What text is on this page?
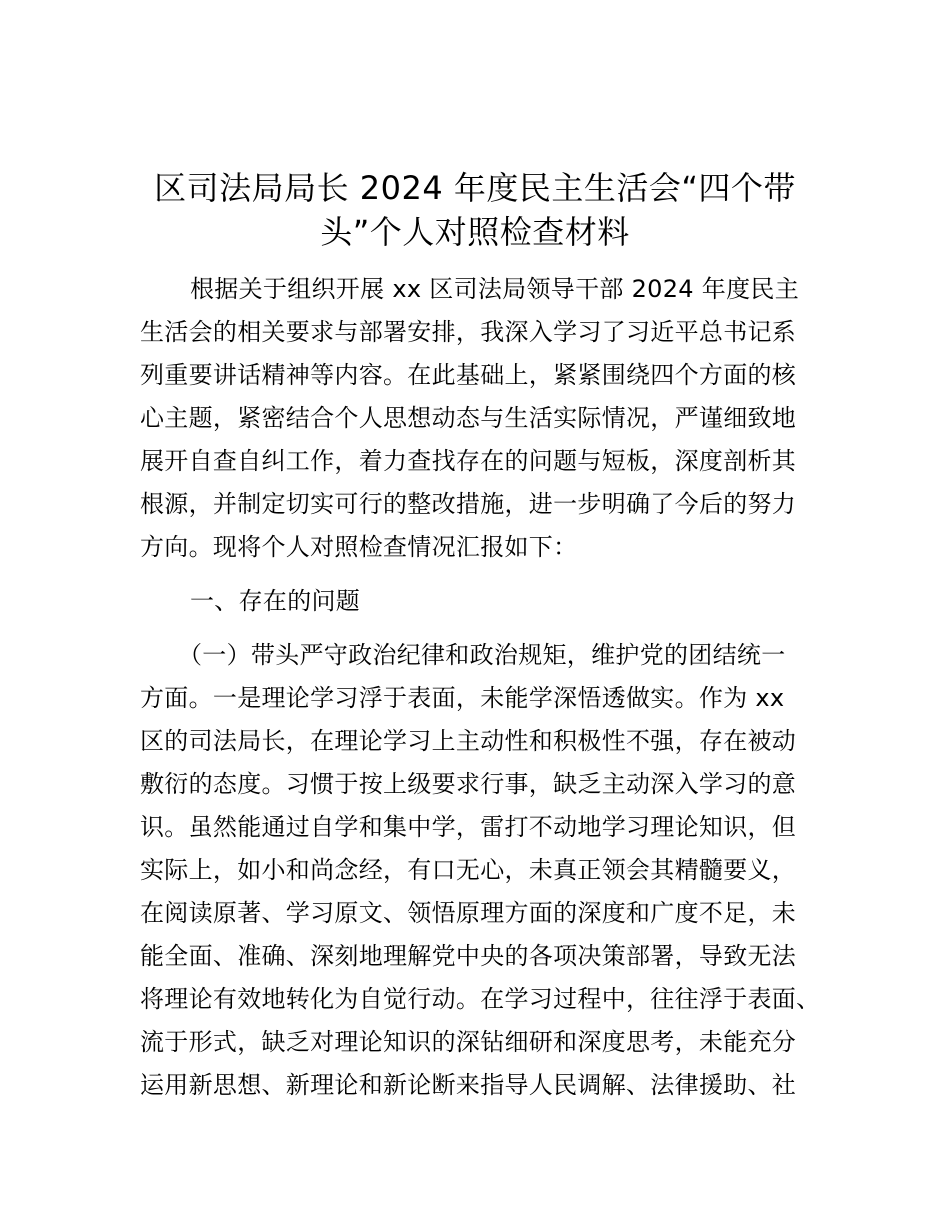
区司法局局长 2024 年度民主生活会“四个带
头”个人对照检查材料

根据关于组织开展 xx 区司法局领导干部 2024 年度民主

生活会的相关要求与部署安排，我深入学习了习近平总书记系

列重要讲话精神等内容。在此基础上，紧紧围绕四个方面的核

心主题，紧密结合个人思想动态与生活实际情况，严谨细致地

展开自查自纠工作，着力查找存在的问题与短板，深度剖析其

根源，并制定切实可行的整改措施，进一步明确了今后的努力

方向。现将个人对照检查情况汇报如下：

一、存在的问题

（一）带头严守政治纪律和政治规矩，维护党的团结统一

方面。一是理论学习浮于表面，未能学深悟透做实。作为 xx

区的司法局长，在理论学习上主动性和积极性不强，存在被动

敷衍的态度。习惯于按上级要求行事，缺乏主动深入学习的意

识。虽然能通过自学和集中学，雷打不动地学习理论知识，但

实际上，如小和尚念经，有口无心，未真正领会其精髓要义，

在阅读原著、学习原文、领悟原理方面的深度和广度不足，未

能全面、准确、深刻地理解党中央的各项决策部署，导致无法

将理论有效地转化为自觉行动。在学习过程中，往往浮于表面、

流于形式，缺乏对理论知识的深钻细研和深度思考，未能充分

运用新思想、新理论和新论断来指导人民调解、法律援助、社
